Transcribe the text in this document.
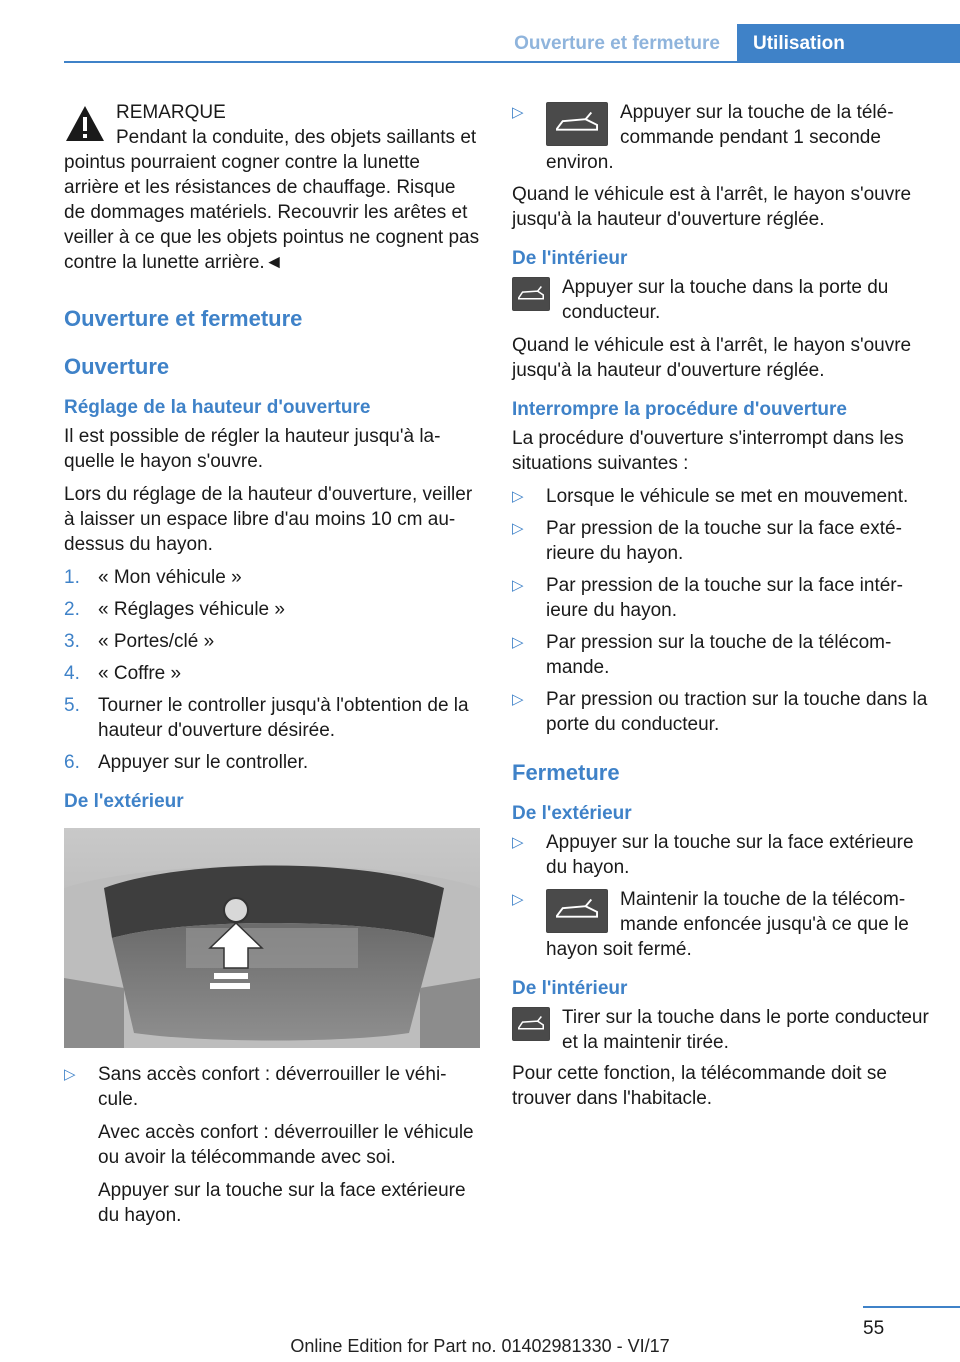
Ouverture et fermeture	Utilisation
REMARQUE

Pendant la conduite, des objets saillants et pointus pourraient cogner contre la lunette arrière et les résistances de chauffage. Risque de dommages matériels. Recouvrir les arêtes et veiller à ce que les objets pointus ne cognent pas contre la lunette arrière.◄

Ouverture et fermeture
Ouverture
Réglage de la hauteur d'ouverture

Il est possible de régler la hauteur jusqu'à laquelle le hayon s'ouvre.

Lors du réglage de la hauteur d'ouverture, veiller à laisser un espace libre d'au moins 10 cm au-dessus du hayon.

1. « Mon véhicule »
2. « Réglages véhicule »
3. « Portes/clé »
4. « Coffre »
5. Tourner le controller jusqu'à l'obtention de la hauteur d'ouverture désirée.
6. Appuyer sur le controller.
De l'extérieur
▷	Sans accès confort : déverrouiller le véhicule.

Avec accès confort : déverrouiller le véhicule ou avoir la télécommande avec soi.

Appuyer sur la touche sur la face extérieure du hayon.

▷	Appuyer sur la touche de la télécommande pendant 1 seconde environ.

Quand le véhicule est à l'arrêt, le hayon s'ouvre jusqu'à la hauteur d'ouverture réglée.

De l'intérieur
Appuyer sur la touche dans la porte du conducteur.

Quand le véhicule est à l'arrêt, le hayon s'ouvre jusqu'à la hauteur d'ouverture réglée.

Interrompre la procédure d'ouverture

La procédure d'ouverture s'interrompt dans les situations suivantes :

▷	Lorsque le véhicule se met en mouvement.
▷	Par pression de la touche sur la face extérieure du hayon.
▷	Par pression de la touche sur la face intérieure du hayon.
▷	Par pression sur la touche de la télécommande.
▷	Par pression ou traction sur la touche dans la porte du conducteur.
Fermeture
De l'extérieur
▷	Appuyer sur la touche sur la face extérieure du hayon.
▷	Maintenir la touche de la télécommande enfoncée jusqu'à ce que le hayon soit fermé.
De l'intérieur
Tirer sur la touche dans le porte conducteur et la maintenir tirée.

Pour cette fonction, la télécommande doit se trouver dans l'habitacle.

55
Online Edition for Part no. 01402981330 - VI/17
